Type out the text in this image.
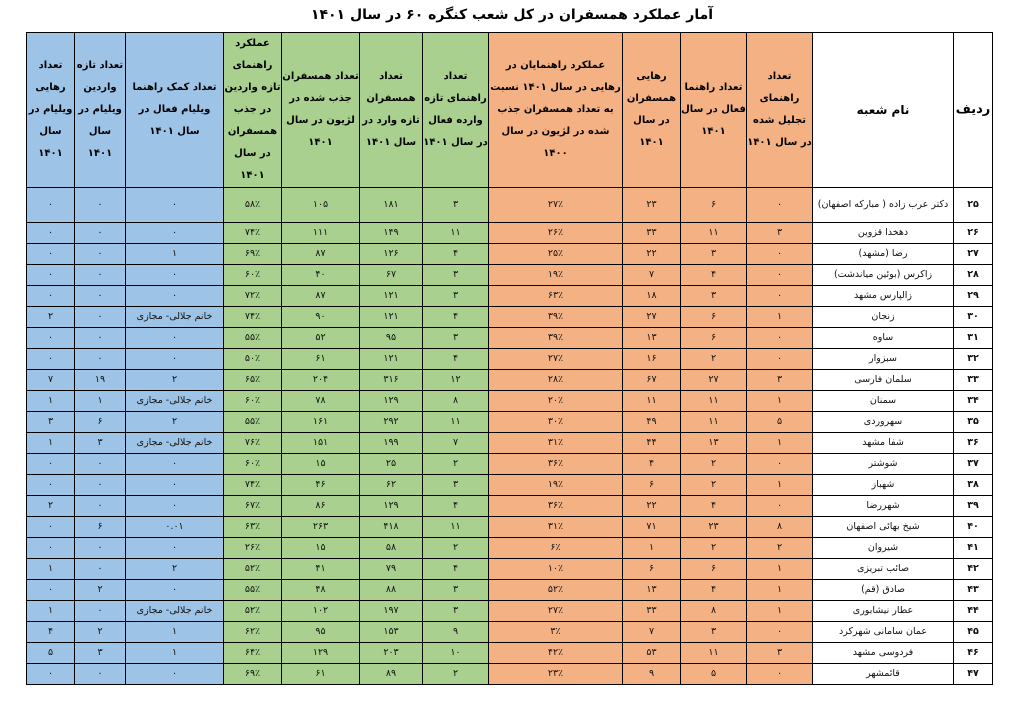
آمار عملکرد همسفران در کل شعب کنگره ۶۰ در سال ۱۴۰۱
ردیف	نام شعبه	تعداد راهنمای تجلیل شده در سال ۱۴۰۱	تعداد راهنما فعال در سال ۱۴۰۱	رهایی همسفران در سال ۱۴۰۱	عملکرد راهنمایان در رهایی در سال ۱۴۰۱ نسبت به تعداد همسفران جذب شده در لژیون در سال ۱۴۰۰	تعداد راهنمای تازه وارده فعال در سال ۱۴۰۱	تعداد همسفران تازه وارد در سال ۱۴۰۱	تعداد همسفران جذب شده در لژیون در سال ۱۴۰۱	عملکرد راهنمای تازه واردین در جذب همسفران در سال ۱۴۰۱	تعداد کمک راهنما ویلیام فعال در سال ۱۴۰۱	تعداد تازه واردین ویلیام در سال ۱۴۰۱	تعداد رهایی ویلیام در سال ۱۴۰۱
۲۵	دکتر عرب زاده ( مبارکه اصفهان)	۰	۶	۲۳	۲۷٪	۳	۱۸۱	۱۰۵	۵۸٪	۰	۰	۰
۲۶	دهخدا قزوین	۳	۱۱	۳۳	۲۶٪	۱۱	۱۴۹	۱۱۱	۷۴٪	۰	۰	۰
۲۷	رضا (مشهد)	۰	۳	۲۲	۲۵٪	۴	۱۲۶	۸۷	۶۹٪	۱	۰	۰
۲۸	زاکرس (بوئین میاندشت)	۰	۴	۷	۱۹٪	۳	۶۷	۴۰	۶۰٪	۰	۰	۰
۲۹	زالپارس مشهد	۰	۳	۱۸	۶۳٪	۳	۱۲۱	۸۷	۷۲٪	۰	۰	۰
۳۰	زنجان	۱	۶	۲۷	۳۹٪	۴	۱۲۱	۹۰	۷۴٪	خانم جلالی- مجازی	۰	۲
۳۱	ساوه	۰	۶	۱۳	۳۹٪	۳	۹۵	۵۲	۵۵٪	۰	۰	۰
۳۲	سبزوار	۰	۲	۱۶	۲۷٪	۴	۱۲۱	۶۱	۵۰٪	۰	۰	۰
۳۳	سلمان فارسی	۳	۲۷	۶۷	۲۸٪	۱۲	۳۱۶	۲۰۴	۶۵٪	۲	۱۹	۷
۳۴	سمنان	۱	۱۱	۱۱	۲۰٪	۸	۱۲۹	۷۸	۶۰٪	خانم جلالی- مجازی	۱	۱
۳۵	سهروردی	۵	۱۱	۴۹	۳۰٪	۱۱	۲۹۲	۱۶۱	۵۵٪	۲	۶	۳
۳۶	شفا مشهد	۱	۱۳	۴۴	۳۱٪	۷	۱۹۹	۱۵۱	۷۶٪	خانم جلالی- مجازی	۳	۱
۳۷	شوشتر	۰	۲	۴	۳۶٪	۲	۲۵	۱۵	۶۰٪	۰	۰	۰
۳۸	شهباز	۱	۲	۶	۱۹٪	۳	۶۲	۴۶	۷۴٪	۰	۰	۰
۳۹	شهررضا	۰	۴	۲۲	۳۶٪	۴	۱۲۹	۸۶	۶۷٪	۰	۰	۲
۴۰	شیخ بهائی اصفهان	۸	۲۳	۷۱	۳۱٪	۱۱	۴۱۸	۲۶۳	۶۳٪	۰.۰۱	۶	۰
۴۱	شیروان	۲	۲	۱	۶٪	۲	۵۸	۱۵	۲۶٪	۰	۰	۰
۴۲	صائب تبریزی	۱	۶	۶	۱۰٪	۴	۷۹	۴۱	۵۲٪	۲	۰	۱
۴۳	صادق (قم)	۱	۴	۱۳	۵۲٪	۳	۸۸	۴۸	۵۵٪	۰	۲	۰
۴۴	عطار نیشابوری	۱	۸	۳۳	۲۷٪	۳	۱۹۷	۱۰۲	۵۲٪	خانم جلالی- مجازی	۰	۱
۴۵	عمان سامانی شهرکرد	۰	۳	۷	۳٪	۹	۱۵۳	۹۵	۶۲٪	۱	۲	۴
۴۶	فردوسی مشهد	۳	۱۱	۵۳	۴۲٪	۱۰	۲۰۳	۱۲۹	۶۴٪	۱	۳	۵
۴۷	قائمشهر	۰	۵	۹	۲۳٪	۲	۸۹	۶۱	۶۹٪	۰	۰	۰
